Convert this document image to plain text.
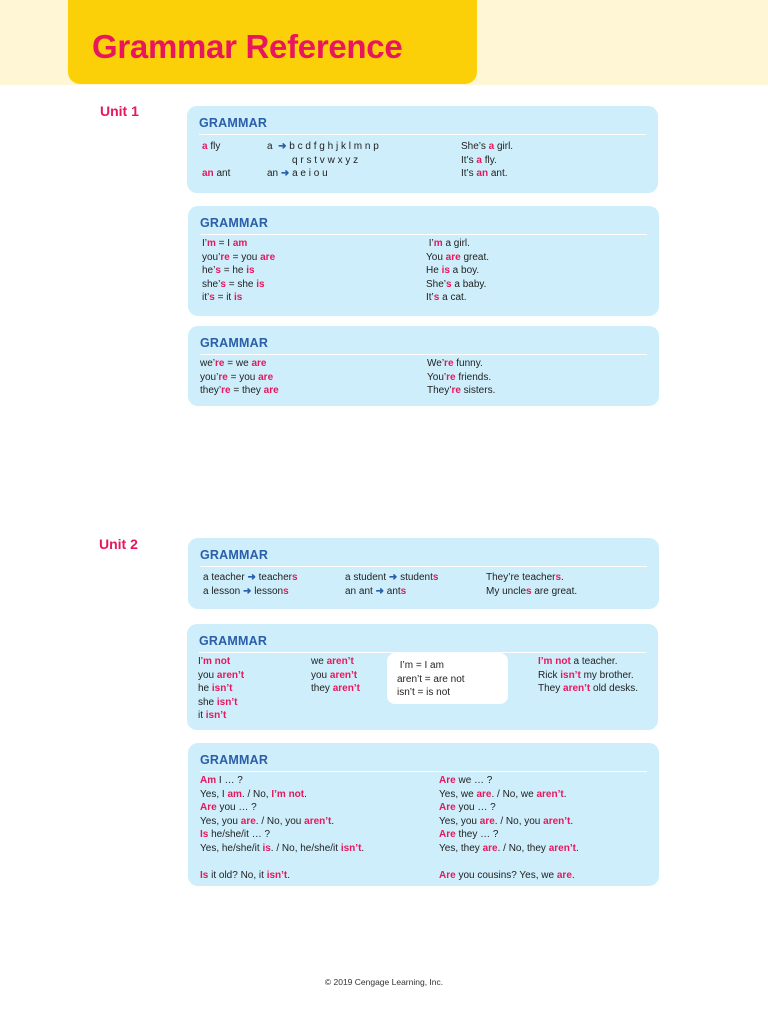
Grammar Reference
Unit 1
Unit 2
GRAMMAR
a fly

an ant
a  ➜ b c d f g h j k l m n p
q r s t v w x y z
an ➜ a e i o u
She’s a girl.
It’s a fly.
It’s an ant.
GRAMMAR
I’m = I am
you’re = you are
he’s = he is
she’s = she is
it’s = it is
I’m a girl.
You are great.
He is a boy.
She’s a baby.
It’s a cat.
GRAMMAR
we’re = we are
you’re = you are
they’re = they are
We’re funny.
You’re friends.
They’re sisters.
GRAMMAR
a teacher ➜ teachers
a lesson ➜ lessons
a student ➜ students
an ant ➜ ants
They’re teachers.
My uncles are great.
GRAMMAR
I’m not
you aren’t
he isn’t
she isn’t
it isn’t
we aren’t
you aren’t
they aren’t
I’m = I am
aren’t = are not
isn’t = is not
I’m not a teacher.
Rick isn’t my brother.
They aren’t old desks.
GRAMMAR
Am I … ?
Yes, I am. / No, I’m not.
Are you … ?
Yes, you are. / No, you aren’t.
Is he/she/it … ?
Yes, he/she/it is. / No, he/she/it isn’t.

Is it old? No, it isn’t.
Are we … ?
Yes, we are. / No, we aren’t.
Are you … ?
Yes, you are. / No, you aren’t.
Are they … ?
Yes, they are. / No, they aren’t.

Are you cousins? Yes, we are.
© 2019 Cengage Learning, Inc.
